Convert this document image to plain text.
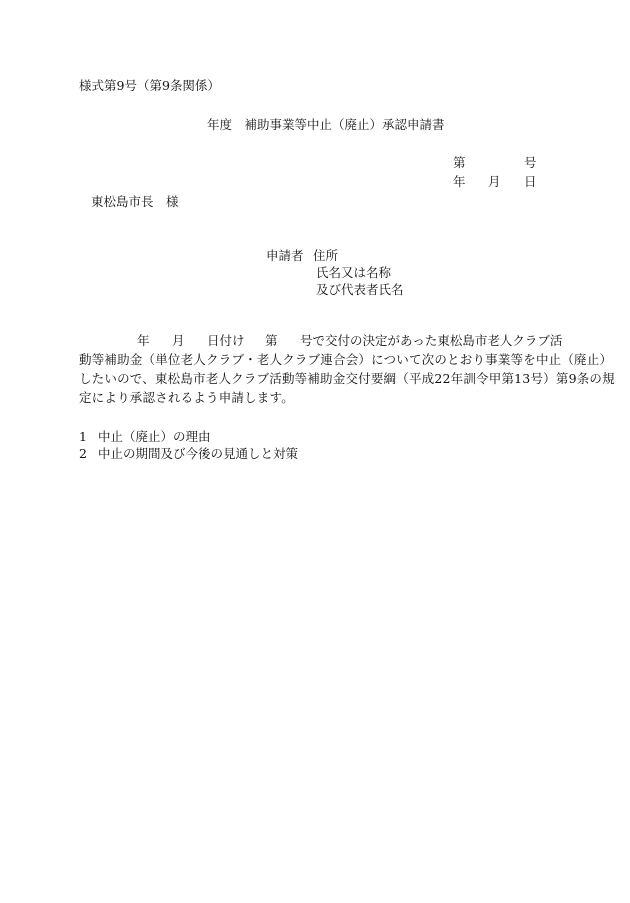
様式第9号（第9条関係）
年度　補助事業等中止（廃止）承認申請書
第	号
年 月 日
東松島市長　様
申請者 住所
氏名又は名称
及び代表者氏名
年 月 日付け 第 号で交付の決定があった東松島市老人クラブ活
動等補助金（単位老人クラブ・老人クラブ連合会）について次のとおり事業等を中止（廃止）
したいので、東松島市老人クラブ活動等補助金交付要綱（平成22年訓令甲第13号）第9条の規
定により承認されるよう申請します。
1 中止（廃止）の理由
2 中止の期間及び今後の見通しと対策
